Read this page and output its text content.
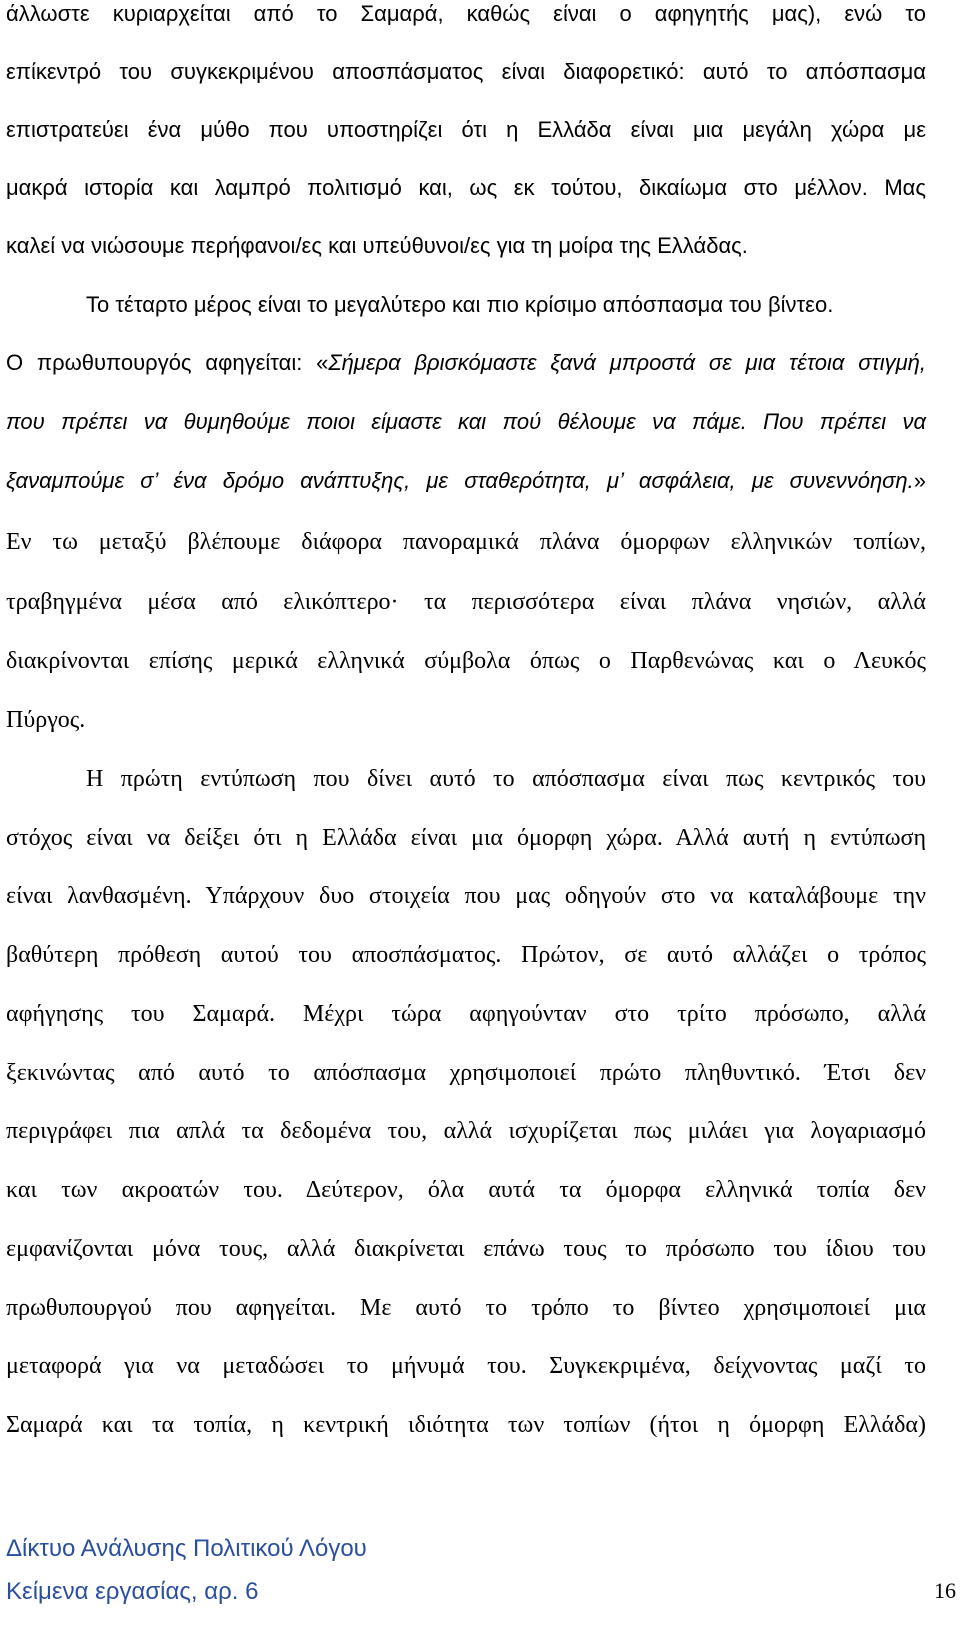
άλλωστε κυριαρχείται από το Σαμαρά, καθώς είναι ο αφηγητής μας), ενώ το
επίκεντρό του συγκεκριμένου αποσπάσματος είναι διαφορετικό: αυτό το απόσπασμα
επιστρατεύει ένα μύθο που υποστηρίζει ότι η Ελλάδα είναι μια μεγάλη χώρα με
μακρά ιστορία και λαμπρό πολιτισμό και, ως εκ τούτου, δικαίωμα στο μέλλον. Μας
καλεί να νιώσουμε περήφανοι/ες και υπεύθυνοι/ες για τη μοίρα της Ελλάδας.
Το τέταρτο μέρος είναι το μεγαλύτερο και πιο κρίσιμο απόσπασμα του βίντεο.
Ο πρωθυπουργός αφηγείται: «Σήμερα βρισκόμαστε ξανά μπροστά σε μια τέτοια στιγμή,
που πρέπει να θυμηθούμε ποιοι είμαστε και πού θέλουμε να πάμε. Που πρέπει να
ξαναμπούμε σ’ ένα δρόμο ανάπτυξης, με σταθερότητα, μ’ ασφάλεια, με συνεννόηση.»
Εν τω μεταξύ βλέπουμε διάφορα πανοραμικά πλάνα όμορφων ελληνικών τοπίων,
τραβηγμένα μέσα από ελικόπτερο· τα περισσότερα είναι πλάνα νησιών, αλλά
διακρίνονται επίσης μερικά ελληνικά σύμβολα όπως ο Παρθενώνας και ο Λευκός
Πύργος.
Η πρώτη εντύπωση που δίνει αυτό το απόσπασμα είναι πως κεντρικός του
στόχος είναι να δείξει ότι η Ελλάδα είναι μια όμορφη χώρα. Αλλά αυτή η εντύπωση
είναι λανθασμένη. Υπάρχουν δυο στοιχεία που μας οδηγούν στο να καταλάβουμε την
βαθύτερη πρόθεση αυτού του αποσπάσματος. Πρώτον, σε αυτό αλλάζει ο τρόπος
αφήγησης του Σαμαρά. Μέχρι τώρα αφηγούνταν στο τρίτο πρόσωπο, αλλά
ξεκινώντας από αυτό το απόσπασμα χρησιμοποιεί πρώτο πληθυντικό. Έτσι δεν
περιγράφει πια απλά τα δεδομένα του, αλλά ισχυρίζεται πως μιλάει για λογαριασμό
και των ακροατών του. Δεύτερον, όλα αυτά τα όμορφα ελληνικά τοπία δεν
εμφανίζονται μόνα τους, αλλά διακρίνεται επάνω τους το πρόσωπο του ίδιου του
πρωθυπουργού που αφηγείται. Με αυτό το τρόπο το βίντεο χρησιμοποιεί μια
μεταφορά για να μεταδώσει το μήνυμά του. Συγκεκριμένα, δείχνοντας μαζί το
Σαμαρά και τα τοπία, η κεντρική ιδιότητα των τοπίων (ήτοι η όμορφη Ελλάδα)
Δίκτυο Ανάλυσης Πολιτικού Λόγου
Κείμενα εργασίας, αρ. 6	16
